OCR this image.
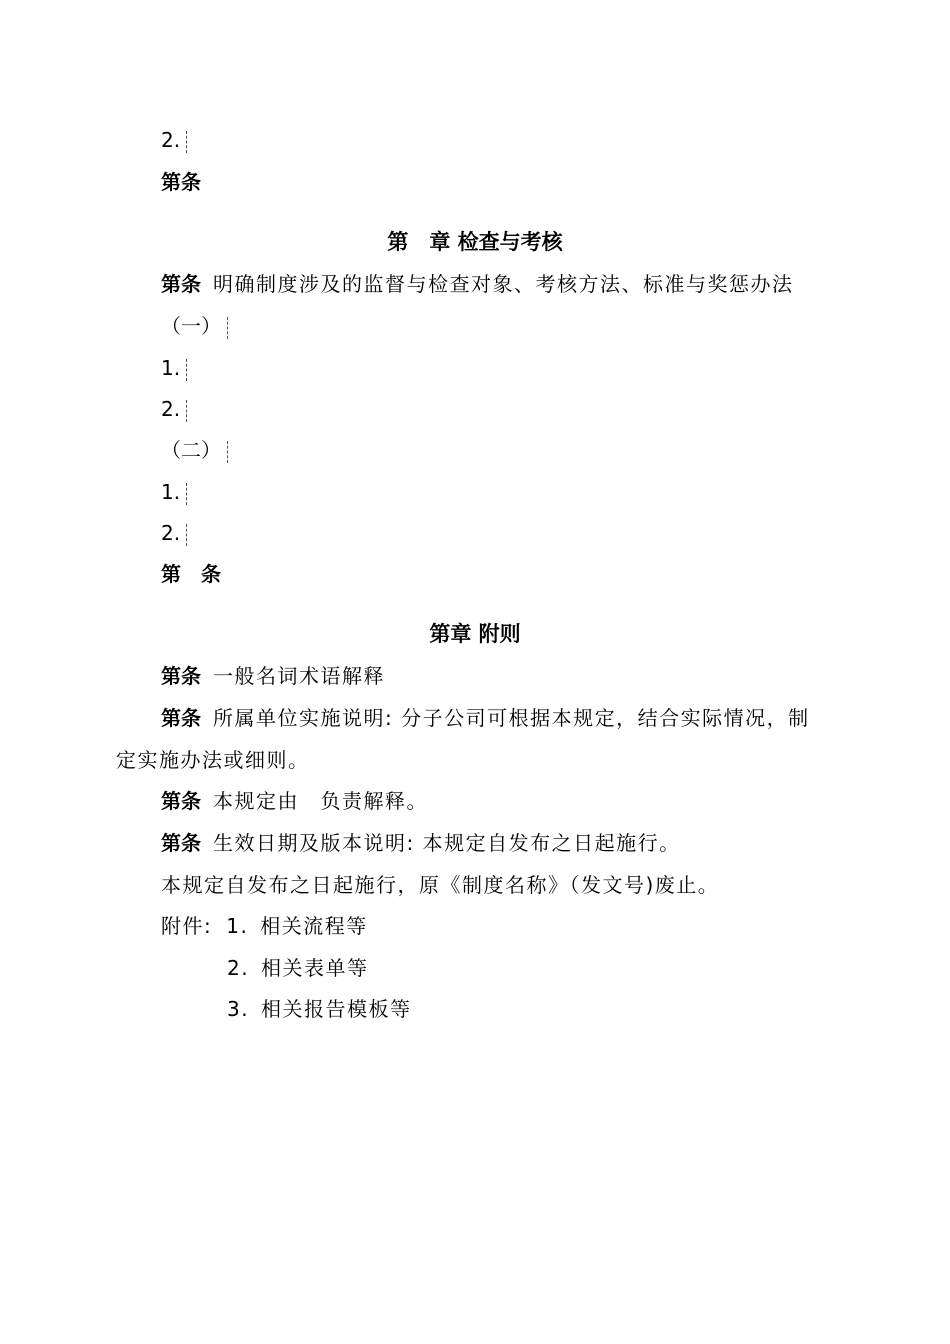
2.
第条
第　章 检查与考核
第条 明确制度涉及的监督与检查对象、考核方法、标准与奖惩办法
（一）
1.
2.
（二）
1.
2.
第　条
第章 附则
第条 一般名词术语解释
第条 所属单位实施说明: 分子公司可根据本规定，结合实际情况，制
定实施办法或细则。
第条 本规定由　负责解释。
第条 生效日期及版本说明: 本规定自发布之日起施行。
本规定自发布之日起施行，原《制度名称》（发文号)废止。
附件: 1. 相关流程等
2. 相关表单等
3. 相关报告模板等
